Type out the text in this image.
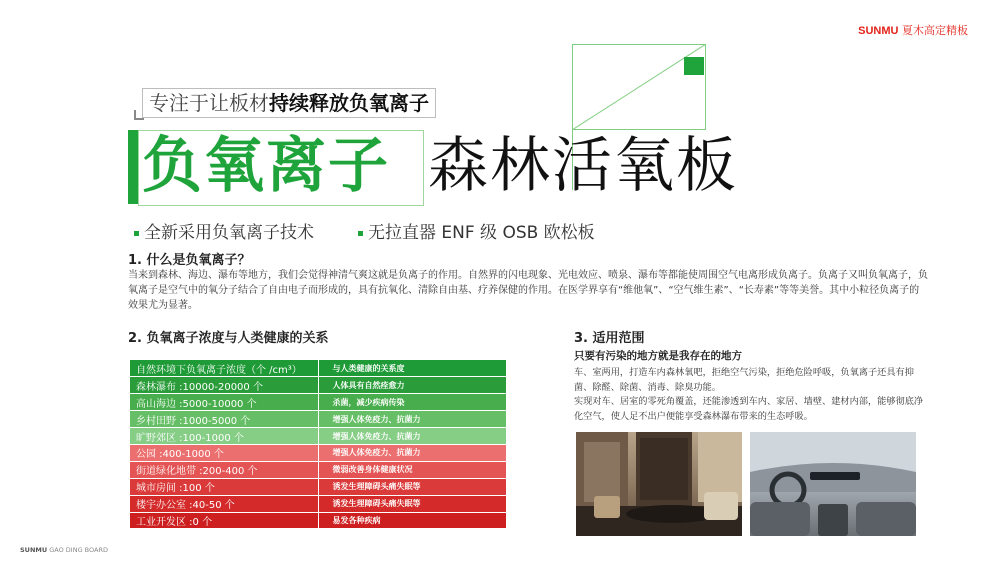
SUNMU 夏木高定精板
专注于让板材持续释放负氧离子
负氧离子 森林活氧板
全新采用负氧离子技术	无拉直器 ENF 级 OSB 欧松板
1. 什么是负氧离子？
当来到森林、海边、瀑布等地方，我们会觉得神清气爽这就是负离子的作用。自然界的闪电现象、光电效应、喷泉、瀑布等都能使周围空气电离形成负离子。负离子又叫负氧离子，负氧离子是空气中的氧分子结合了自由电子而形成的，具有抗氧化、清除自由基、疗养保健的作用。在医学界享有“维他氧”、“空气维生素”、“长寿素”等等美誉。其中小粒径负离子的效果尤为显著。
2. 负氧离子浓度与人类健康的关系
自然环境下负氧离子浓度（个 /cm³）	与人类健康的关系度
森林瀑布 :10000-20000 个	人体具有自然痊愈力
高山海边 :5000-10000 个	杀菌，减少疾病传染
乡村田野 :1000-5000 个	增强人体免疫力、抗菌力
旷野郊区 :100-1000 个	增强人体免疫力、抗菌力
公园 :400-1000 个	增强人体免疫力、抗菌力
街道绿化地带 :200-400 个	微弱改善身体健康状况
城市房间 :100 个	诱发生理障碍头痛失眠等
楼宇办公室 :40-50 个	诱发生理障碍头痛失眠等
工业开发区 :0 个	易发各种疾病
3. 适用范围
只要有污染的地方就是我存在的地方
车、室两用，打造车内森林氧吧，拒绝空气污染，拒绝危险呼吸，负氧离子还具有抑菌、除醛、除菌、消毒、除臭功能。
实现对车、居室的零死角覆盖，还能渗透到车内、家居、墙壁、建材内部，能够彻底净化空气，使人足不出户便能享受森林瀑布带来的生态呼吸。
SUNMU GAO DING BOARD
